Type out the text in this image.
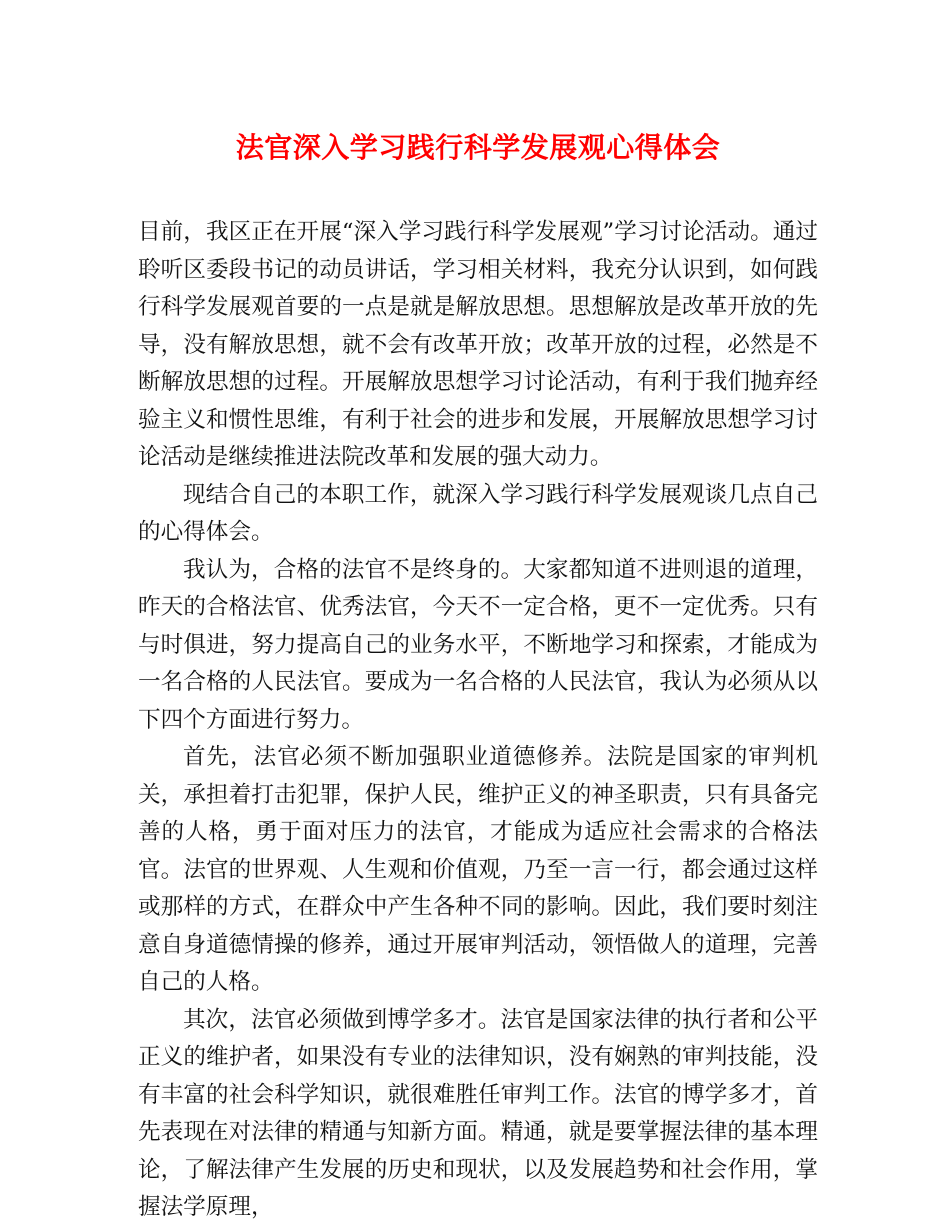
法官深入学习践行科学发展观心得体会

目前，我区正在开展“深入学习践行科学发展观”学习讨论活动。通过聆听区委段书记的动员讲话，学习相关材料，我充分认识到，如何践行科学发展观首要的一点是就是解放思想。思想解放是改革开放的先导，没有解放思想，就不会有改革开放；改革开放的过程，必然是不断解放思想的过程。开展解放思想学习讨论活动，有利于我们抛弃经验主义和惯性思维，有利于社会的进步和发展，开展解放思想学习讨论活动是继续推进法院改革和发展的强大动力。

现结合自己的本职工作，就深入学习践行科学发展观谈几点自己的心得体会。

我认为，合格的法官不是终身的。大家都知道不进则退的道理，昨天的合格法官、优秀法官，今天不一定合格，更不一定优秀。只有与时俱进，努力提高自己的业务水平，不断地学习和探索，才能成为一名合格的人民法官。要成为一名合格的人民法官，我认为必须从以下四个方面进行努力。

首先，法官必须不断加强职业道德修养。法院是国家的审判机关，承担着打击犯罪，保护人民，维护正义的神圣职责，只有具备完善的人格，勇于面对压力的法官，才能成为适应社会需求的合格法官。法官的世界观、人生观和价值观，乃至一言一行，都会通过这样或那样的方式，在群众中产生各种不同的影响。因此，我们要时刻注意自身道德情操的修养，通过开展审判活动，领悟做人的道理，完善自己的人格。

其次，法官必须做到博学多才。法官是国家法律的执行者和公平正义的维护者，如果没有专业的法律知识，没有娴熟的审判技能，没有丰富的社会科学知识，就很难胜任审判工作。法官的博学多才，首先表现在对法律的精通与知新方面。精通，就是要掌握法律的基本理论，了解法律产生发展的历史和现状，以及发展趋势和社会作用，掌握法学原理，
